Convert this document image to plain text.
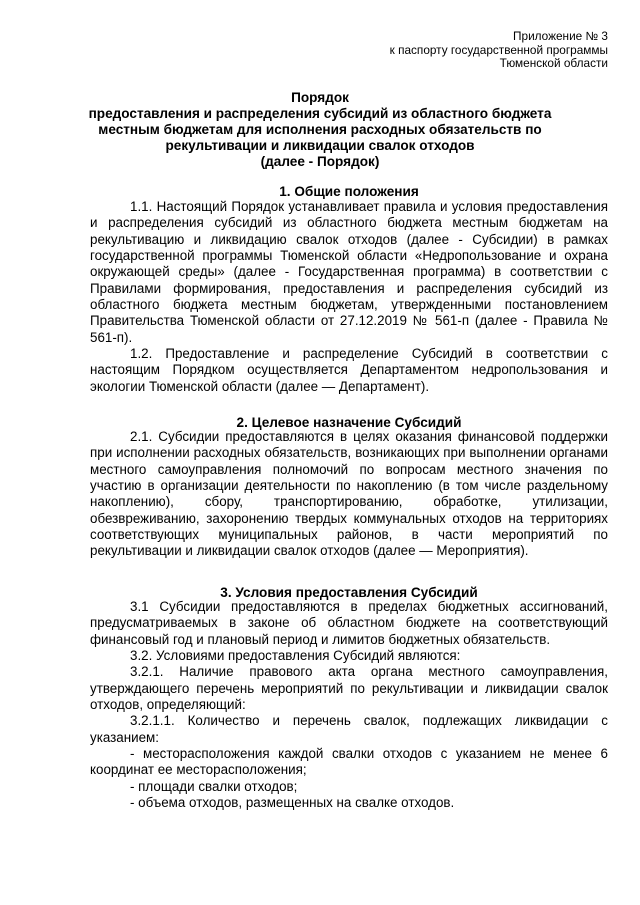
Приложение № 3
к паспорту государственной программы
Тюменской области
Порядок
предоставления и распределения субсидий из областного бюджета
местным бюджетам для исполнения расходных обязательств по
рекультивации и ликвидации свалок отходов
(далее - Порядок)
1. Общие положения

1.1. Настоящий Порядок устанавливает правила и условия предоставления и распределения субсидий из областного бюджета местным бюджетам на рекультивацию и ликвидацию свалок отходов (далее - Субсидии) в рамках государственной программы Тюменской области «Недропользование и охрана окружающей среды» (далее - Государственная программа) в соответствии с Правилами формирования, предоставления и распределения субсидий из областного бюджета местным бюджетам, утвержденными постановлением Правительства Тюменской области от 27.12.2019 № 561-п (далее - Правила № 561-п).

1.2. Предоставление и распределение Субсидий в соответствии с настоящим Порядком осуществляется Департаментом недропользования и экологии Тюменской области (далее — Департамент).

2. Целевое назначение Субсидий

2.1. Субсидии предоставляются в целях оказания финансовой поддержки при исполнении расходных обязательств, возникающих при выполнении органами местного самоуправления полномочий по вопросам местного значения по участию в организации деятельности по накоплению (в том числе раздельному накоплению), сбору, транспортированию, обработке, утилизации, обезвреживанию, захоронению твердых коммунальных отходов на территориях соответствующих муниципальных районов, в части мероприятий по рекультивации и ликвидации свалок отходов (далее — Мероприятия).

3. Условия предоставления Субсидий

3.1 Субсидии предоставляются в пределах бюджетных ассигнований, предусматриваемых в законе об областном бюджете на соответствующий финансовый год и плановый период и лимитов бюджетных обязательств.

3.2. Условиями предоставления Субсидий являются:

3.2.1. Наличие правового акта органа местного самоуправления, утверждающего перечень мероприятий по рекультивации и ликвидации свалок отходов, определяющий:

3.2.1.1. Количество и перечень свалок, подлежащих ликвидации с указанием:

- месторасположения каждой свалки отходов с указанием не менее 6 координат ее месторасположения;

- площади свалки отходов;

- объема отходов, размещенных на свалке отходов.
